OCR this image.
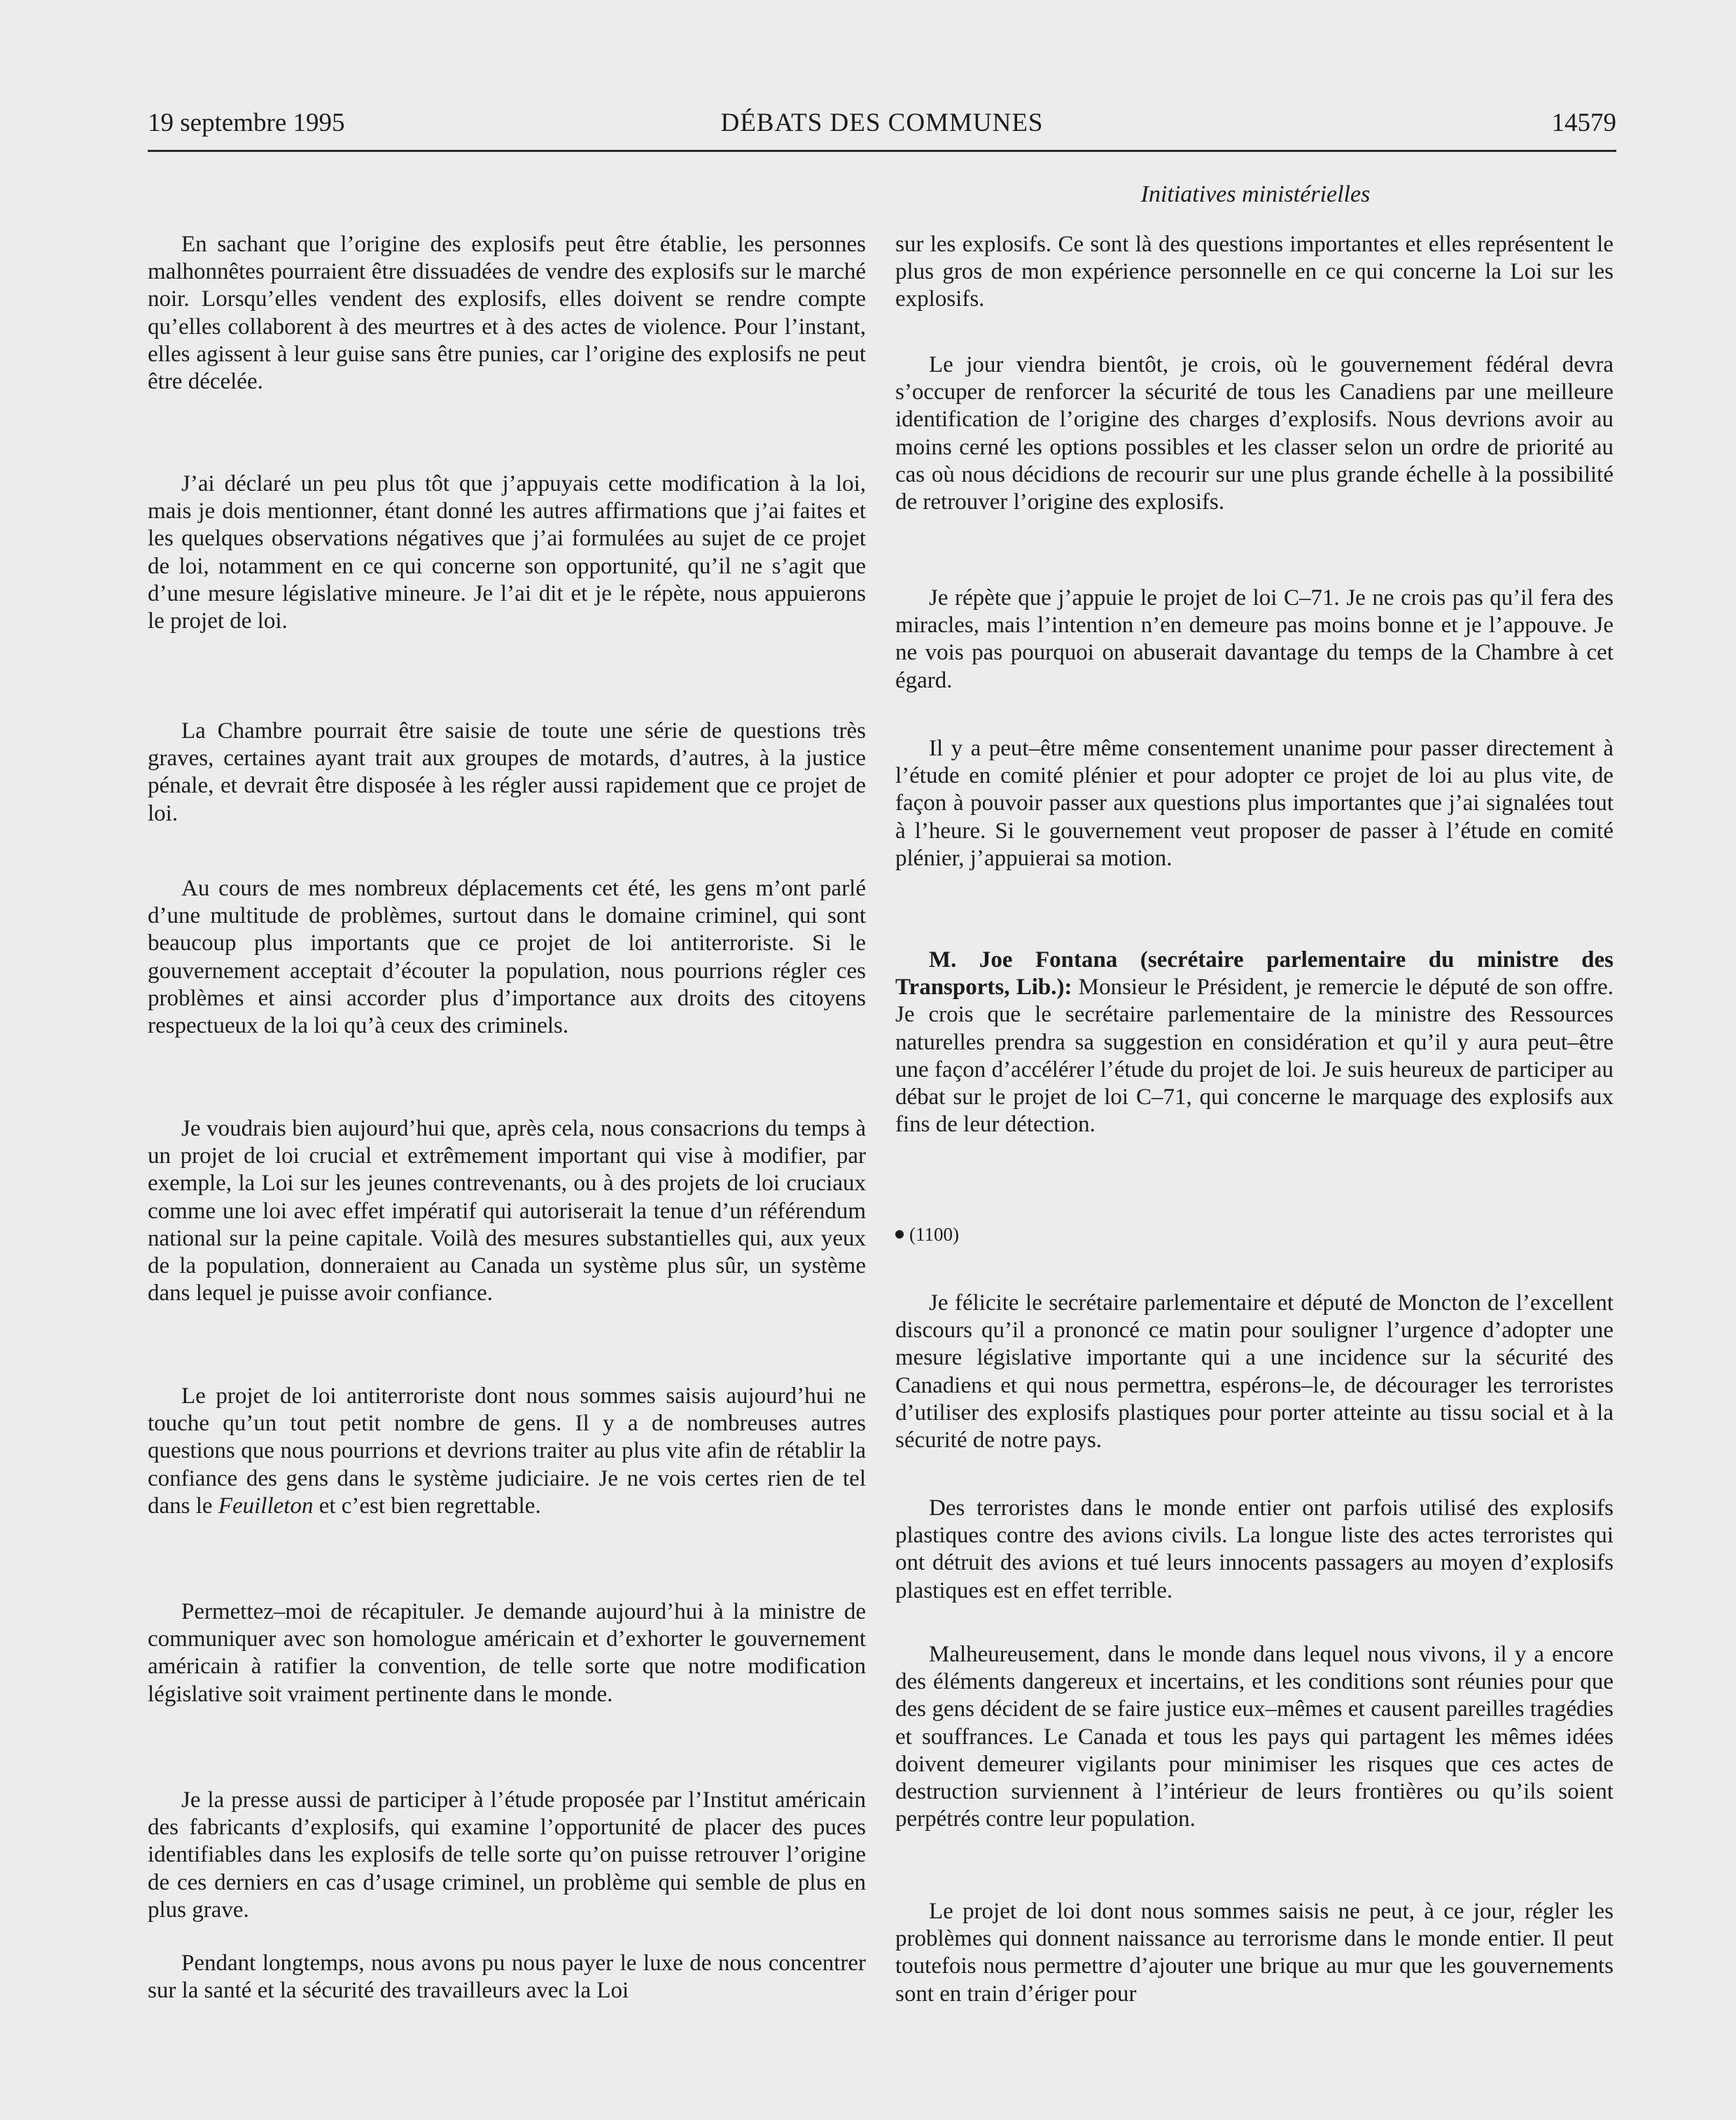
19 septembre 1995	DÉBATS DES COMMUNES	14579
Initiatives ministérielles

En sachant que l’origine des explosifs peut être établie, les personnes malhonnêtes pourraient être dissuadées de vendre des explosifs sur le marché noir. Lorsqu’elles vendent des explosifs, elles doivent se rendre compte qu’elles collaborent à des meurtres et à des actes de violence. Pour l’instant, elles agissent à leur guise sans être punies, car l’origine des explosifs ne peut être décelée.

J’ai déclaré un peu plus tôt que j’appuyais cette modification à la loi, mais je dois mentionner, étant donné les autres affirmations que j’ai faites et les quelques observations négatives que j’ai formulées au sujet de ce projet de loi, notamment en ce qui concerne son opportunité, qu’il ne s’agit que d’une mesure législative mineure. Je l’ai dit et je le répète, nous appuierons le projet de loi.

La Chambre pourrait être saisie de toute une série de questions très graves, certaines ayant trait aux groupes de motards, d’autres, à la justice pénale, et devrait être disposée à les régler aussi rapidement que ce projet de loi.

Au cours de mes nombreux déplacements cet été, les gens m’ont parlé d’une multitude de problèmes, surtout dans le domaine criminel, qui sont beaucoup plus importants que ce projet de loi antiterroriste. Si le gouvernement acceptait d’écouter la population, nous pourrions régler ces problèmes et ainsi accorder plus d’importance aux droits des citoyens respectueux de la loi qu’à ceux des criminels.

Je voudrais bien aujourd’hui que, après cela, nous consacrions du temps à un projet de loi crucial et extrêmement important qui vise à modifier, par exemple, la Loi sur les jeunes contrevenants, ou à des projets de loi cruciaux comme une loi avec effet impératif qui autoriserait la tenue d’un référendum national sur la peine capitale. Voilà des mesures substantielles qui, aux yeux de la population, donneraient au Canada un système plus sûr, un système dans lequel je puisse avoir confiance.

Le projet de loi antiterroriste dont nous sommes saisis aujourd’hui ne touche qu’un tout petit nombre de gens. Il y a de nombreuses autres questions que nous pourrions et devrions traiter au plus vite afin de rétablir la confiance des gens dans le système judiciaire. Je ne vois certes rien de tel dans le Feuilleton et c’est bien regrettable.

Permettez–moi de récapituler. Je demande aujourd’hui à la ministre de communiquer avec son homologue américain et d’exhorter le gouvernement américain à ratifier la convention, de telle sorte que notre modification législative soit vraiment pertinente dans le monde.

Je la presse aussi de participer à l’étude proposée par l’Institut américain des fabricants d’explosifs, qui examine l’opportunité de placer des puces identifiables dans les explosifs de telle sorte qu’on puisse retrouver l’origine de ces derniers en cas d’usage criminel, un problème qui semble de plus en plus grave.

Pendant longtemps, nous avons pu nous payer le luxe de nous concentrer sur la santé et la sécurité des travailleurs avec la Loi

sur les explosifs. Ce sont là des questions importantes et elles représentent le plus gros de mon expérience personnelle en ce qui concerne la Loi sur les explosifs.

Le jour viendra bientôt, je crois, où le gouvernement fédéral devra s’occuper de renforcer la sécurité de tous les Canadiens par une meilleure identification de l’origine des charges d’explosifs. Nous devrions avoir au moins cerné les options possibles et les classer selon un ordre de priorité au cas où nous décidions de recourir sur une plus grande échelle à la possibilité de retrouver l’origine des explosifs.

Je répète que j’appuie le projet de loi C–71. Je ne crois pas qu’il fera des miracles, mais l’intention n’en demeure pas moins bonne et je l’appouve. Je ne vois pas pourquoi on abuserait davantage du temps de la Chambre à cet égard.

Il y a peut–être même consentement unanime pour passer directement à l’étude en comité plénier et pour adopter ce projet de loi au plus vite, de façon à pouvoir passer aux questions plus importantes que j’ai signalées tout à l’heure. Si le gouvernement veut proposer de passer à l’étude en comité plénier, j’appuierai sa motion.

M. Joe Fontana (secrétaire parlementaire du ministre des Transports, Lib.): Monsieur le Président, je remercie le député de son offre. Je crois que le secrétaire parlementaire de la ministre des Ressources naturelles prendra sa suggestion en considération et qu’il y aura peut–être une façon d’accélérer l’étude du projet de loi. Je suis heureux de participer au débat sur le projet de loi C–71, qui concerne le marquage des explosifs aux fins de leur détection.

(1100)

Je félicite le secrétaire parlementaire et député de Moncton de l’excellent discours qu’il a prononcé ce matin pour souligner l’urgence d’adopter une mesure législative importante qui a une incidence sur la sécurité des Canadiens et qui nous permettra, espérons–le, de décourager les terroristes d’utiliser des explosifs plastiques pour porter atteinte au tissu social et à la sécurité de notre pays.

Des terroristes dans le monde entier ont parfois utilisé des explosifs plastiques contre des avions civils. La longue liste des actes terroristes qui ont détruit des avions et tué leurs innocents passagers au moyen d’explosifs plastiques est en effet terrible.

Malheureusement, dans le monde dans lequel nous vivons, il y a encore des éléments dangereux et incertains, et les conditions sont réunies pour que des gens décident de se faire justice eux–mêmes et causent pareilles tragédies et souffrances. Le Canada et tous les pays qui partagent les mêmes idées doivent demeurer vigilants pour minimiser les risques que ces actes de destruction surviennent à l’intérieur de leurs frontières ou qu’ils soient perpétrés contre leur population.

Le projet de loi dont nous sommes saisis ne peut, à ce jour, régler les problèmes qui donnent naissance au terrorisme dans le monde entier. Il peut toutefois nous permettre d’ajouter une brique au mur que les gouvernements sont en train d’ériger pour
